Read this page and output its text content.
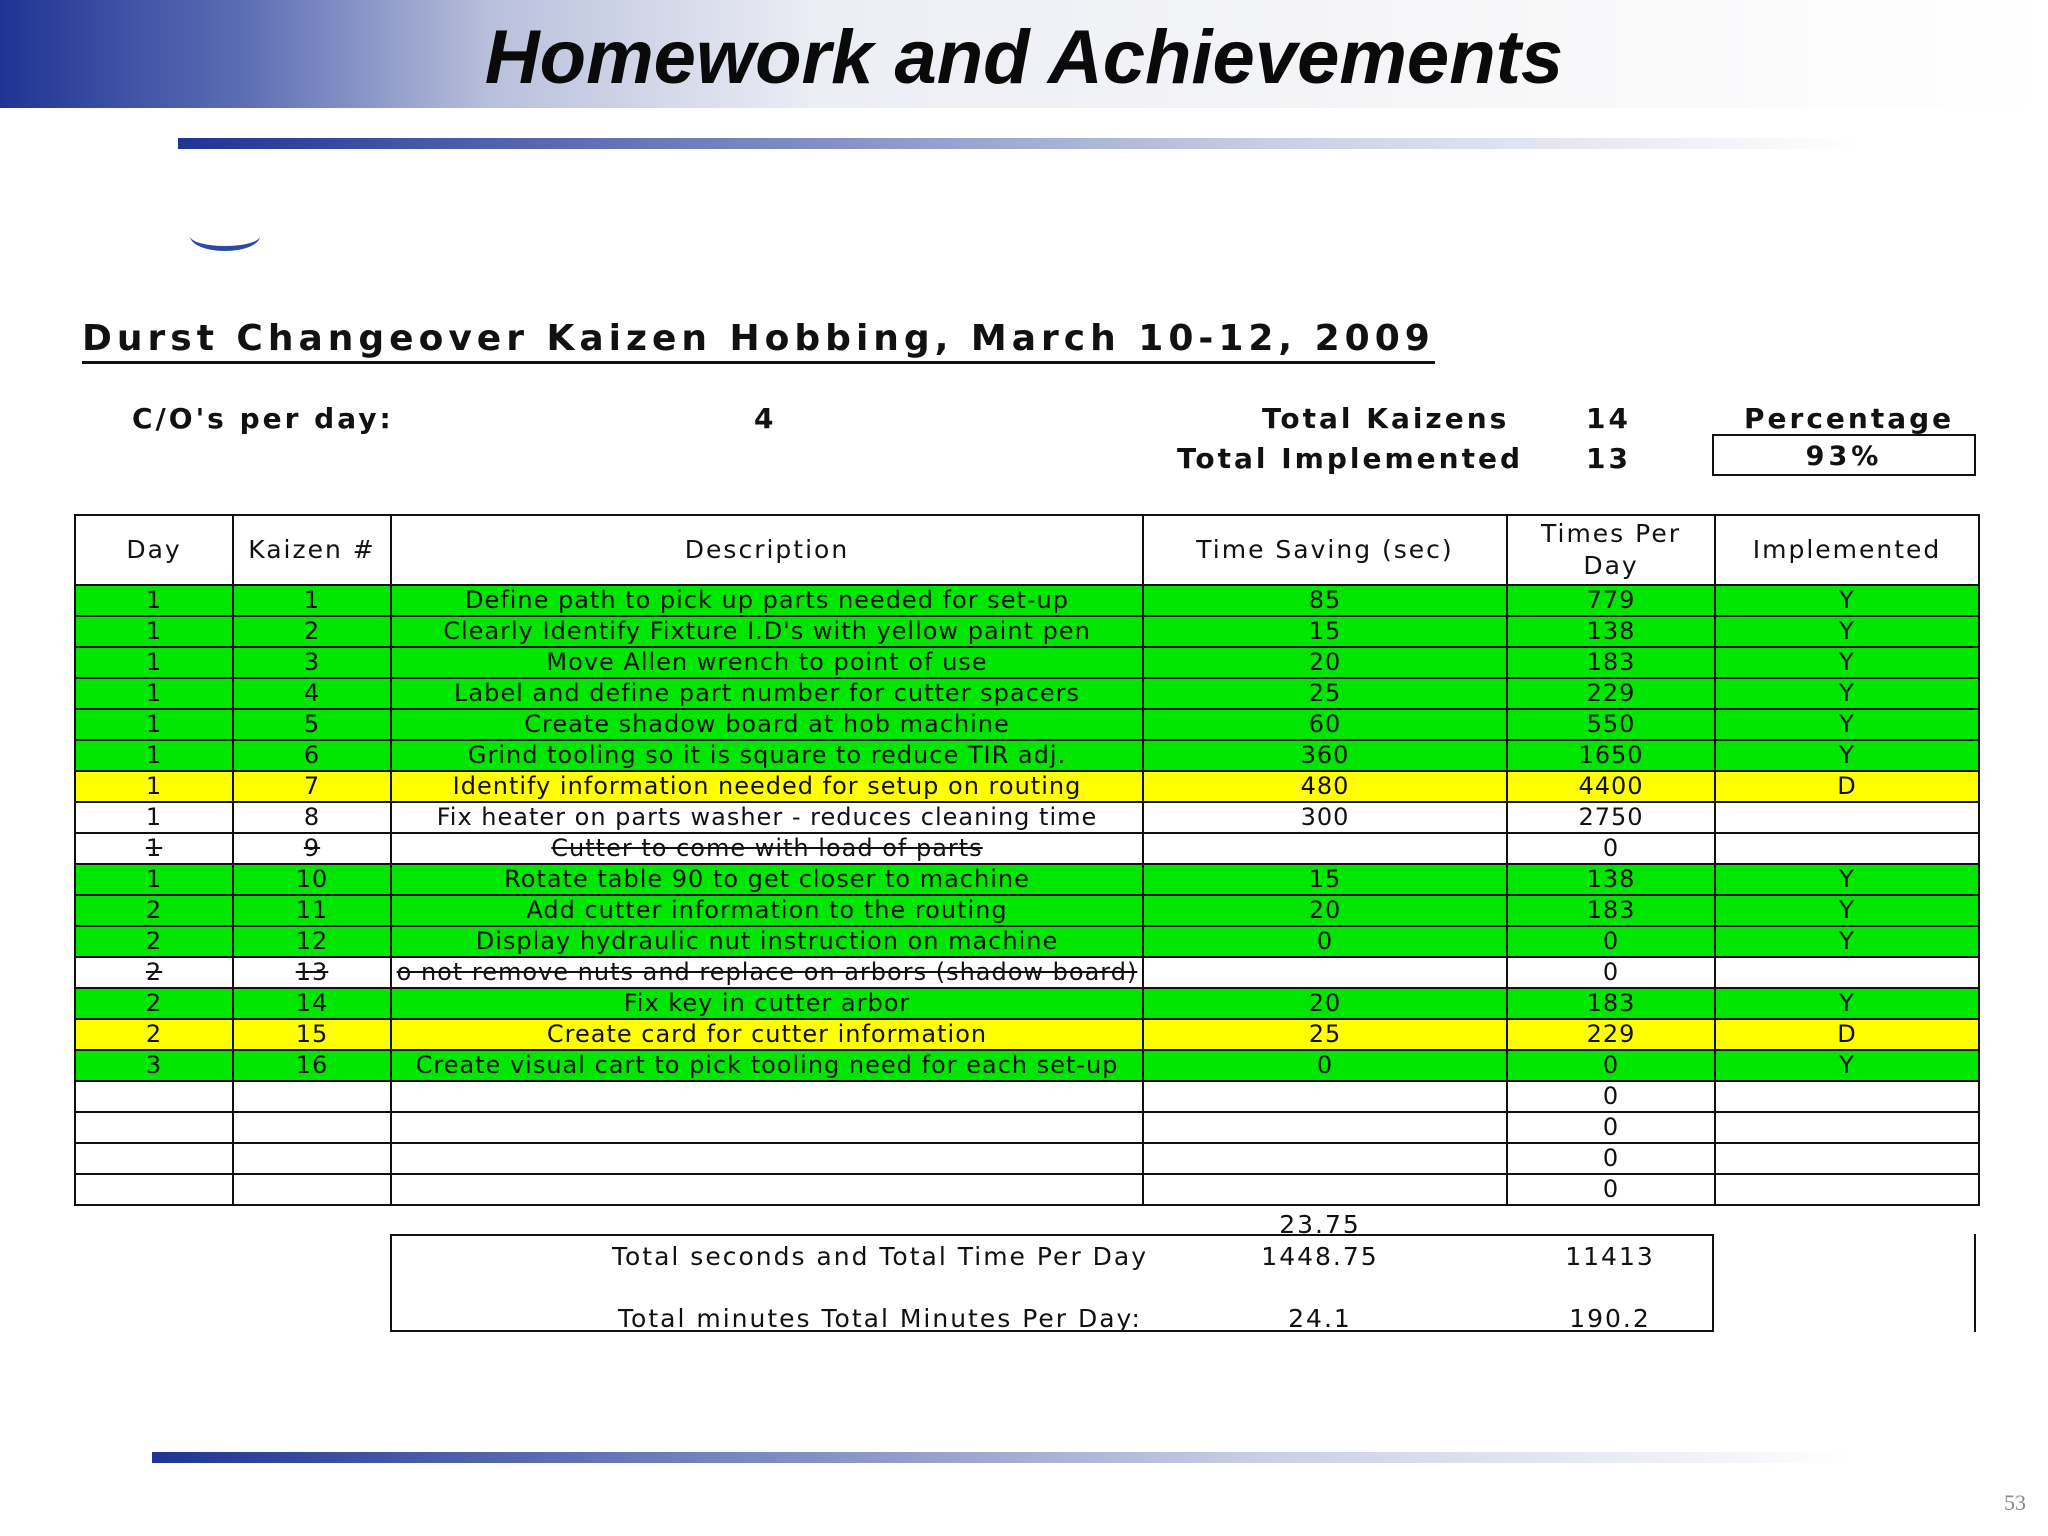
Homework and Achievements
Durst Changeover Kaizen Hobbing, March 10-12, 2009
C/O's per day:	4	Total Kaizens	14	Percentage
Total Implemented 13	93%
Day	Kaizen #	Description	Time Saving (sec)	Times Per Day	Implemented
1	1	Define path to pick up parts needed for set-up	85	779	Y
1	2	Clearly Identify Fixture I.D's with yellow paint pen	15	138	Y
1	3	Move Allen wrench to point of use	20	183	Y
1	4	Label and define part number for cutter spacers	25	229	Y
1	5	Create shadow board at hob machine	60	550	Y
1	6	Grind tooling so it is square to reduce TIR adj.	360	1650	Y
1	7	Identify information needed for setup on routing	480	4400	D
1	8	Fix heater on parts washer - reduces cleaning time	300	2750	
1	9	Cutter to come with load of parts		0	
1	10	Rotate table 90 to get closer to machine	15	138	Y
2	11	Add cutter information to the routing	20	183	Y
2	12	Display hydraulic nut instruction on machine	0	0	Y
2	13	o not remove nuts and replace on arbors (shadow board)		0	
2	14	Fix key in cutter arbor	20	183	Y
2	15	Create card for cutter information	25	229	D
3	16	Create visual cart to pick tooling need for each set-up	0	0	Y
				0	
				0	
				0	
				0	
23.75
Total seconds and Total Time Per Day	1448.75	11413
Total minutes Total Minutes Per Day:	24.1	190.2
53
